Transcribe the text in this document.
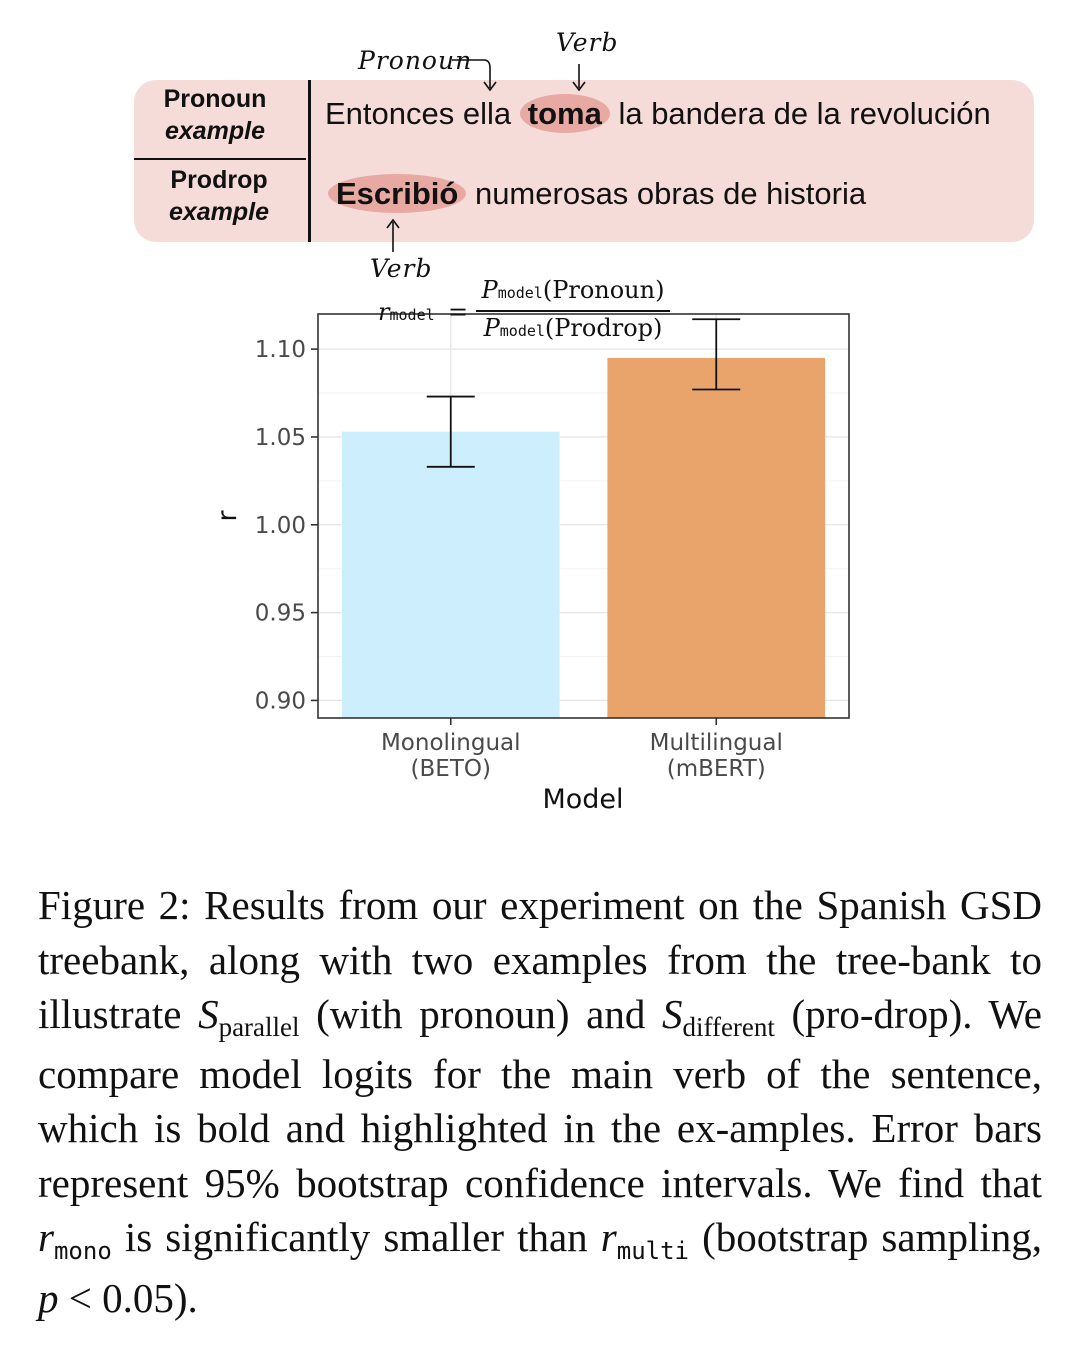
Pronoun
example
Prodrop
example
Entonces ella toma la bandera de la revolución
Escribió numerosas obras de historia
Pronoun
Verb
Verb
Monolingual (BETO)
Multilingual (mBERT)
0.90
0.95
1.00
1.05
1.10
r
Model
rmodel =
Pmodel(Pronoun)
Pmodel(Prodrop)
Figure 2: Results from our experiment on the Spanish GSD treebank, along with two examples from the tree-bank to illustrate Sparallel (with pronoun) and Sdifferent (pro-drop). We compare model logits for the main verb of the sentence, which is bold and highlighted in the ex-amples. Error bars represent 95% bootstrap confidence intervals. We find that rmono is significantly smaller than rmulti (bootstrap sampling, p < 0.05).
